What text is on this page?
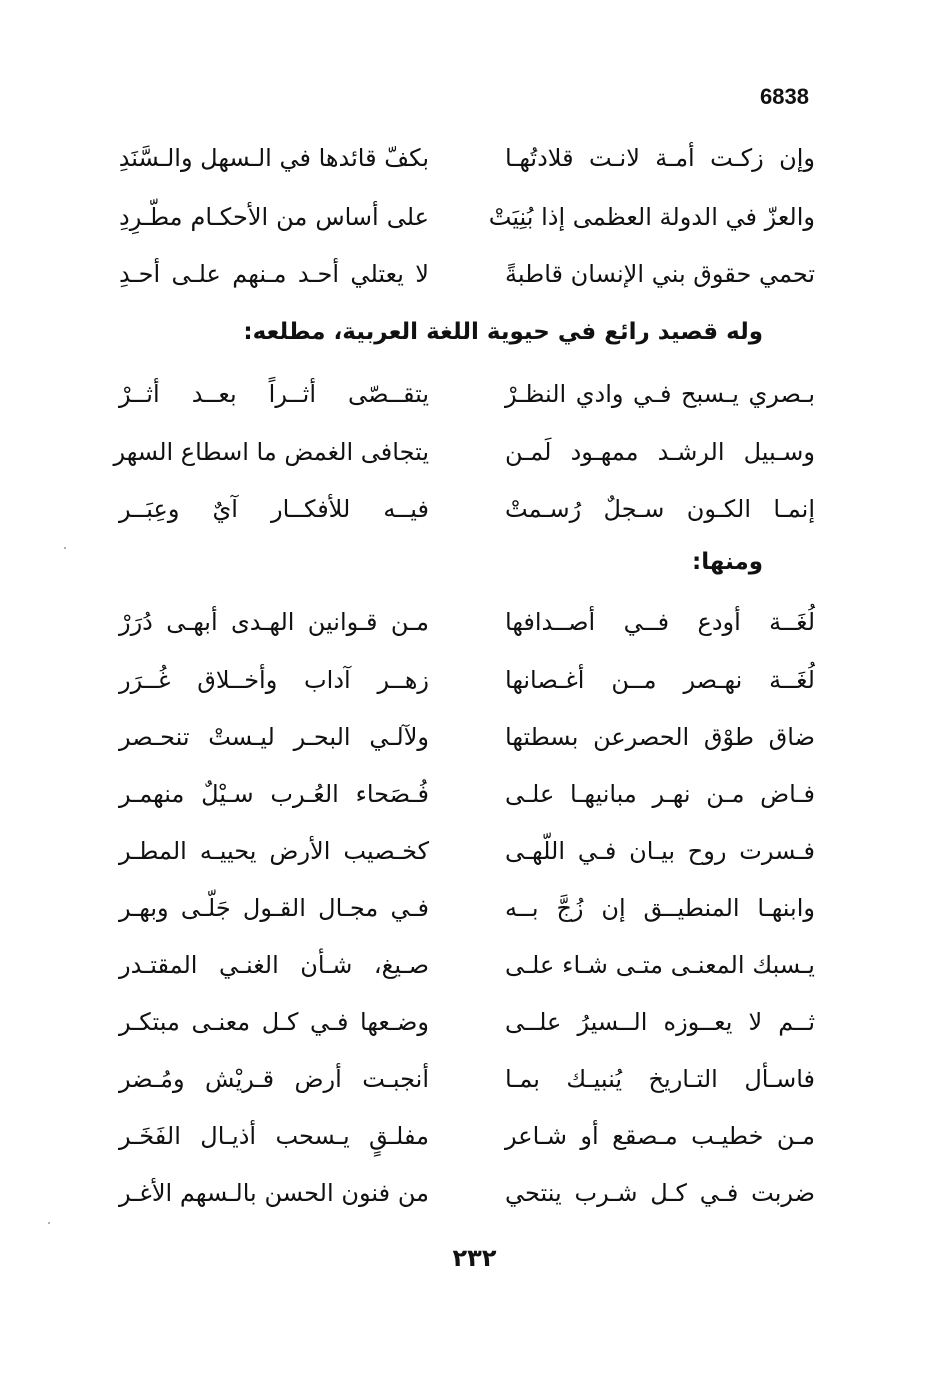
6838
وإن زكـت أمـة لانـت قلادتُهـا
بكفّ قائدها في الـسهل والـسَّنَدِ
والعزّ في الدولة العظمى إذا بُنِيَتْ
على أساس من الأحكـام مطّـرِدِ
تحمي حقوق بني الإنسان قاطبةً
لا يعتلي أحـد مـنهم علـى أحـدِ
وله قصيد رائع في حيوية اللغة العربية، مطلعه:
بـصري يـسبح فـي وادي النظـرْ
يتقــصّى أثــراً بعــد أثــرْ
وسـبيل الرشـد ممهـود لَمـن
يتجافى الغمض ما اسطاع السهر
إنمـا الكـون سـجلٌ رُسـمتْ
فيــه للأفكــار آيٌ وعِبَــر
ومنها:
لُغَــة أودع فــي أصــدافها
مـن قـوانين الهـدى أبهـى دُرَرْ
لُغَــة نهـصر مــن أغـصانها
زهــر آداب وأخــلاق غُــرَر
ضاق طوْق الحصرعن بسطتها
ولآلـي البحـر ليـستْ تنحـصر
فـاض مـن نهـر مبانيهـا علـى
فُـصَحاء العُـرب سـيْلٌ منهمـر
فـسرت روح بيـان فـي اللّهـى
كخـصيب الأرض يحييـه المطـر
وابنهـا المنطيــق إن زُجَّ بــه
فـي مجـال القـول جَلّـى وبهـر
يـسبك المعنـى متـى شـاء علـى
صـيغ، شـأن الغنـي المقتـدر
ثــم لا يعــوزه الــسيرُ علــى
وضـعها فـي كـل معنـى مبتكـر
فاسـأل التـاريخ يُنبيـك بمـا
أنجبـت أرض قـريْش ومُـضر
مـن خطيـب مـصقع أو شـاعر
مفلـقٍ يـسحب أذيـال الفَخَـر
ضربت فـي كـل شـرب ينتحي
من فنون الحسن بالـسهم الأغـر
٢٣٢
